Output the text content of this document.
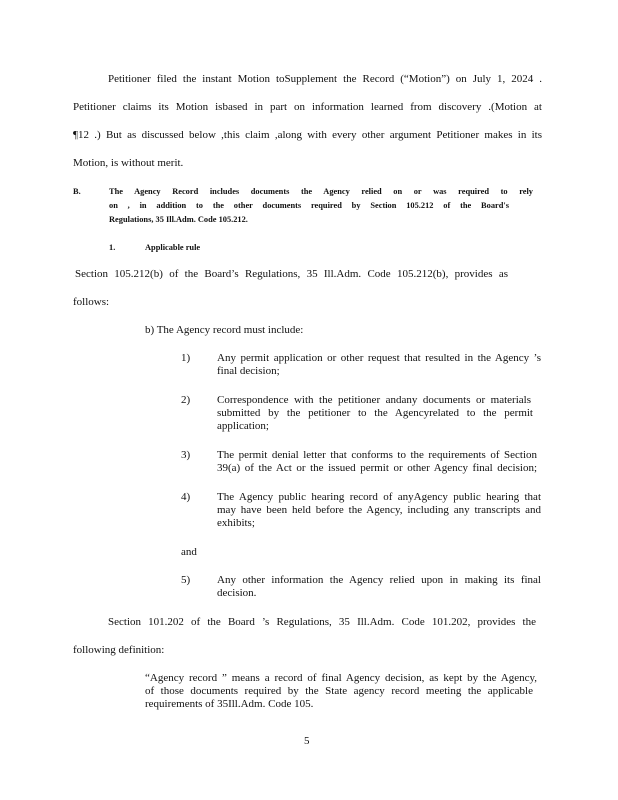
Petitioner filed the instant Motion toSupplement the Record (“Motion”) on July 1, 2024 .
Petitioner claims its Motion isbased in part on information learned from discovery .(Motion at
¶12 .) But as discussed below ,this claim ,along with every other argument Petitioner makes in its
Motion, is without merit.
B.	The Agency Record includes documents the Agency relied on or was required to rely
on , in addition to the other documents required by Section 105.212 of the Board's
Regulations, 35 Ill.Adm. Code 105.212.
1.	Applicable rule
Section 105.212(b) of the Board’s Regulations, 35 Ill.Adm. Code 105.212(b), provides as
follows:
b) The Agency record must include:
1) Any permit application or other request that resulted in the Agency ’s
final decision;
2) Correspondence with the petitioner andany documents or materials
submitted by the petitioner to the Agencyrelated to the permit
application;
3) The permit denial letter that conforms to the requirements of Section
39(a) of the Act or the issued permit or other Agency final decision;
4) The Agency public hearing record of anyAgency public hearing that
may have been held before the Agency, including any transcripts and
exhibits;
and
5) Any other information the Agency relied upon in making its final
decision.
Section 101.202 of the Board ’s Regulations, 35 Ill.Adm. Code 101.202, provides the
following definition:
“Agency record ” means a record of final Agency decision, as kept by the Agency,
of those documents required by the State agency record meeting the applicable
requirements of 35Ill.Adm. Code 105.
5
